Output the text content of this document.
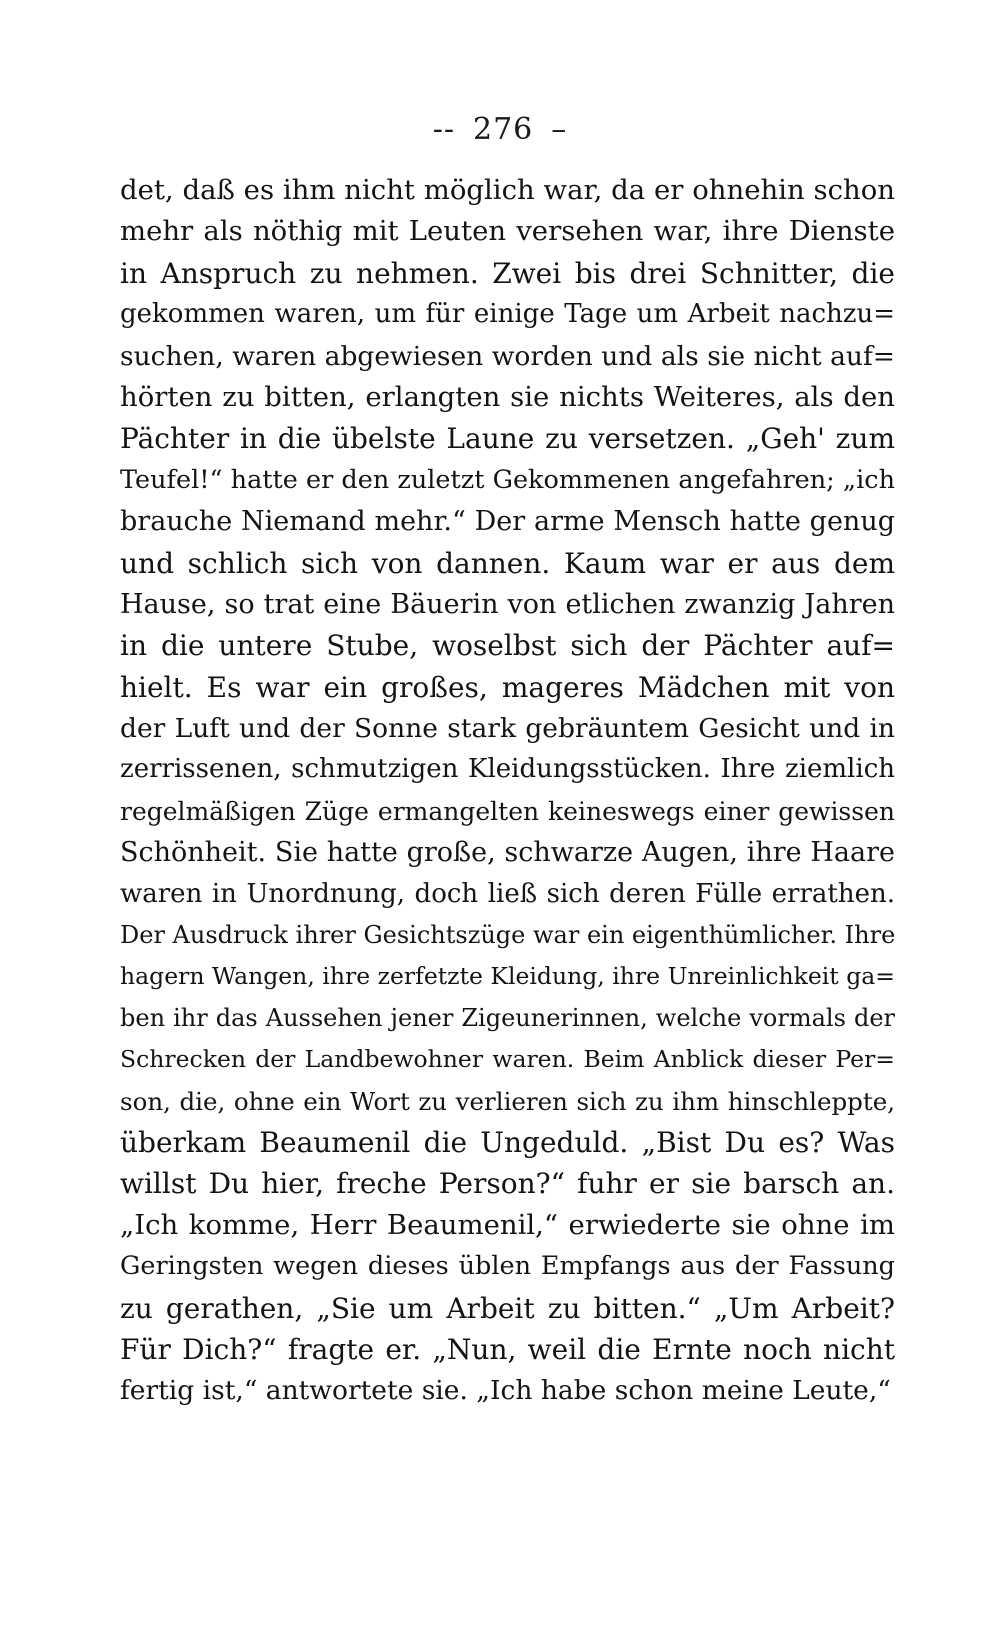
-- 276 –
det, daß es ihm nicht möglich war, da er ohnehin schon
mehr als nöthig mit Leuten versehen war, ihre Dienste
in Anspruch zu nehmen. Zwei bis drei Schnitter, die
gekommen waren, um für einige Tage um Arbeit nachzu=
suchen, waren abgewiesen worden und als sie nicht auf=
hörten zu bitten, erlangten sie nichts Weiteres, als den
Pächter in die übelste Laune zu versetzen. „Geh' zum
Teufel!“ hatte er den zuletzt Gekommenen angefahren; „ich
brauche Niemand mehr.“ Der arme Mensch hatte genug
und schlich sich von dannen. Kaum war er aus dem
Hause, so trat eine Bäuerin von etlichen zwanzig Jahren
in die untere Stube, woselbst sich der Pächter auf=
hielt. Es war ein großes, mageres Mädchen mit von
der Luft und der Sonne stark gebräuntem Gesicht und in
zerrissenen, schmutzigen Kleidungsstücken. Ihre ziemlich
regelmäßigen Züge ermangelten keineswegs einer gewissen
Schönheit. Sie hatte große, schwarze Augen, ihre Haare
waren in Unordnung, doch ließ sich deren Fülle errathen.
Der Ausdruck ihrer Gesichtszüge war ein eigenthümlicher. Ihre
hagern Wangen, ihre zerfetzte Kleidung, ihre Unreinlichkeit ga=
ben ihr das Aussehen jener Zigeunerinnen, welche vormals der
Schrecken der Landbewohner waren. Beim Anblick dieser Per=
son, die, ohne ein Wort zu verlieren sich zu ihm hinschleppte,
überkam Beaumenil die Ungeduld. „Bist Du es? Was
willst Du hier, freche Person?“ fuhr er sie barsch an.
„Ich komme, Herr Beaumenil,“ erwiederte sie ohne im
Geringsten wegen dieses üblen Empfangs aus der Fassung
zu gerathen, „Sie um Arbeit zu bitten.“ „Um Arbeit?
Für Dich?“ fragte er. „Nun, weil die Ernte noch nicht
fertig ist,“ antwortete sie. „Ich habe schon meine Leute,“
